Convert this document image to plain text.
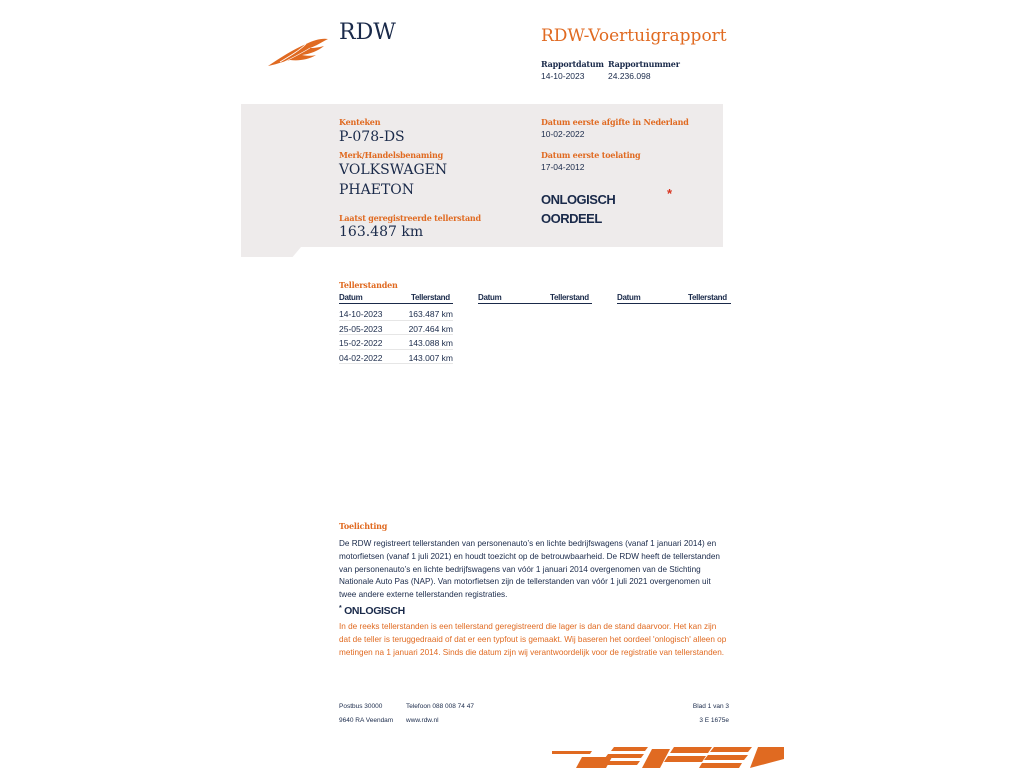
RDW	RDW-Voertuigrapport
Rapportdatum Rapportnummer
14-10-2023	24.236.098
Kenteken
P-078-DS
Merk/Handelsbenaming
VOLKSWAGEN
PHAETON
Laatst geregistreerde tellerstand
163.487 km
Datum eerste afgifte in Nederland
10-02-2022
Datum eerste toelating
17-04-2012
ONLOGISCH
OORDEEL
*
Tellerstanden
Datum	Tellerstand	Datum	Tellerstand	Datum	Tellerstand
14-10-2023	163.487 km
25-05-2023	207.464 km
15-02-2022	143.088 km
04-02-2022	143.007 km
Toelichting
De RDW registreert tellerstanden van personenauto’s en lichte bedrijfswagens (vanaf 1 januari 2014) en
motorfietsen (vanaf 1 juli 2021) en houdt toezicht op de betrouwbaarheid. De RDW heeft de tellerstanden
van personenauto’s en lichte bedrijfswagens van vóór 1 januari 2014 overgenomen van de Stichting
Nationale Auto Pas (NAP). Van motorfietsen zijn de tellerstanden van vóór 1 juli 2021 overgenomen uit
twee andere externe tellerstanden registraties.
* ONLOGISCH
In de reeks tellerstanden is een tellerstand geregistreerd die lager is dan de stand daarvoor. Het kan zijn
dat de teller is teruggedraaid of dat er een typfout is gemaakt. Wij baseren het oordeel 'onlogisch' alleen op
metingen na 1 januari 2014. Sinds die datum zijn wij verantwoordelijk voor de registratie van tellerstanden.
Postbus 30000
9640 RA Veendam
Telefoon 088 008 74 47
www.rdw.nl
Blad 1 van 3
3 E 1675e
